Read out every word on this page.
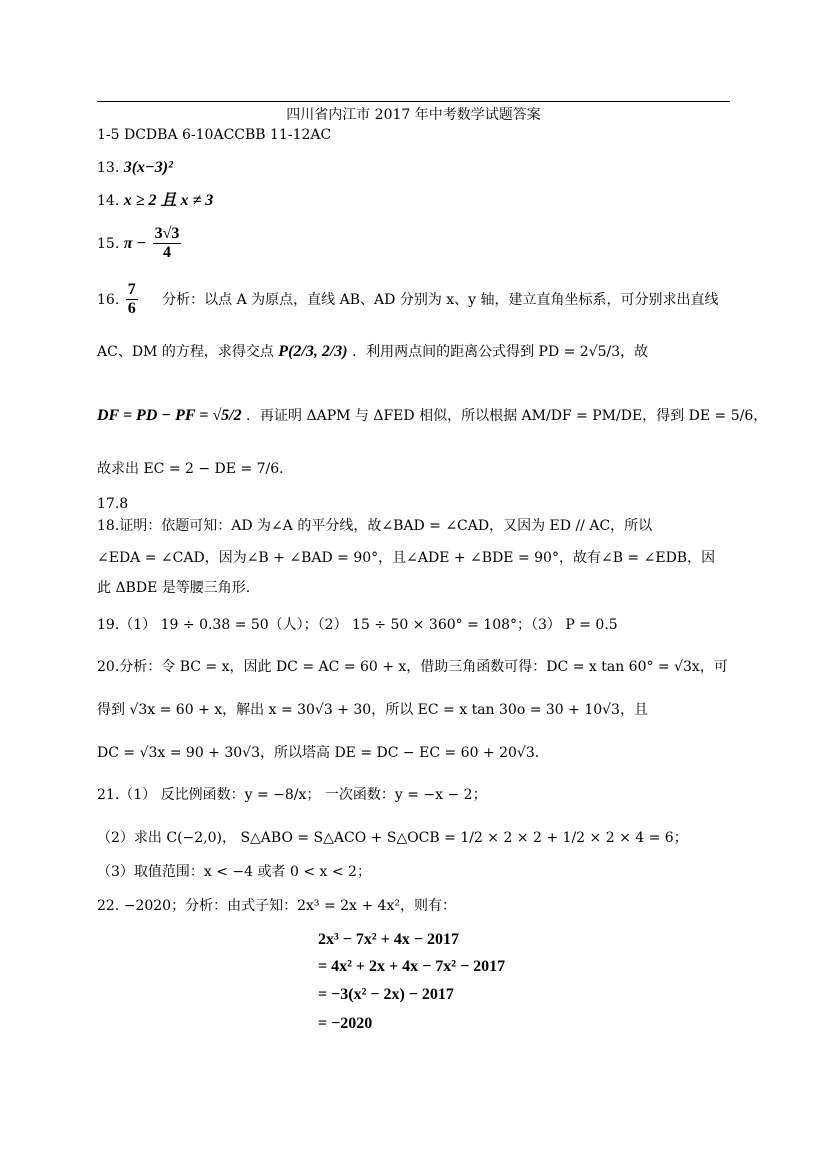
四川省内江市 2017 年中考数学试题答案
1-5 DCDBA 6-10ACCBB 11-12AC
13. 3(x−3)²
14. x ≥ 2 且 x ≠ 3
15. $\pi - \frac{3√3}{4}$
16. $\frac{7}{6}$ 分析：以点 A 为原点，直线 AB、AD 分别为 x、y 轴，建立直角坐标系，可分别求出直线
AC、DM 的方程，求得交点 P(2/3, 2/3) ．利用两点间的距离公式得到 PD = 2√5/3，故
DF = PD − PF = √5/2 ．再证明 ΔAPM 与 ΔFED 相似，所以根据 AM/DF = PM/DE，得到 DE = 5/6，
故求出 EC = 2 − DE = 7/6．
17.8
18.证明：依题可知：AD 为∠A 的平分线，故∠BAD = ∠CAD，又因为 ED // AC，所以
∠EDA = ∠CAD，因为∠B + ∠BAD = 90°，且∠ADE + ∠BDE = 90°，故有∠B = ∠EDB，因
此 ΔBDE 是等腰三角形.
19.（1） 19 ÷ 0.38 = 50（人）；（2） 15 ÷ 50 × 360° = 108°；（3） P = 0.5
20.分析：令 BC = x，因此 DC = AC = 60 + x，借助三角函数可得：DC = x tan 60° = √3x，可
得到 √3x = 60 + x，解出 x = 30√3 + 30，所以 EC = x tan 30o = 30 + 10√3，且
DC = √3x = 90 + 30√3，所以塔高 DE = DC − EC = 60 + 20√3．
21.（1） 反比例函数：y = −8/x； 一次函数：y = −x − 2；
（2）求出 C(−2,0)， S△ABO = S△ACO + S△OCB = 1/2 × 2 × 2 + 1/2 × 2 × 4 = 6；
（3）取值范围：x < −4 或者 0 < x < 2；
22. −2020；分析：由式子知：2x³ = 2x + 4x²，则有：
2x³ − 7x² + 4x − 2017
= 4x² + 2x + 4x − 7x² − 2017
= −3(x² − 2x) − 2017
= −2020
